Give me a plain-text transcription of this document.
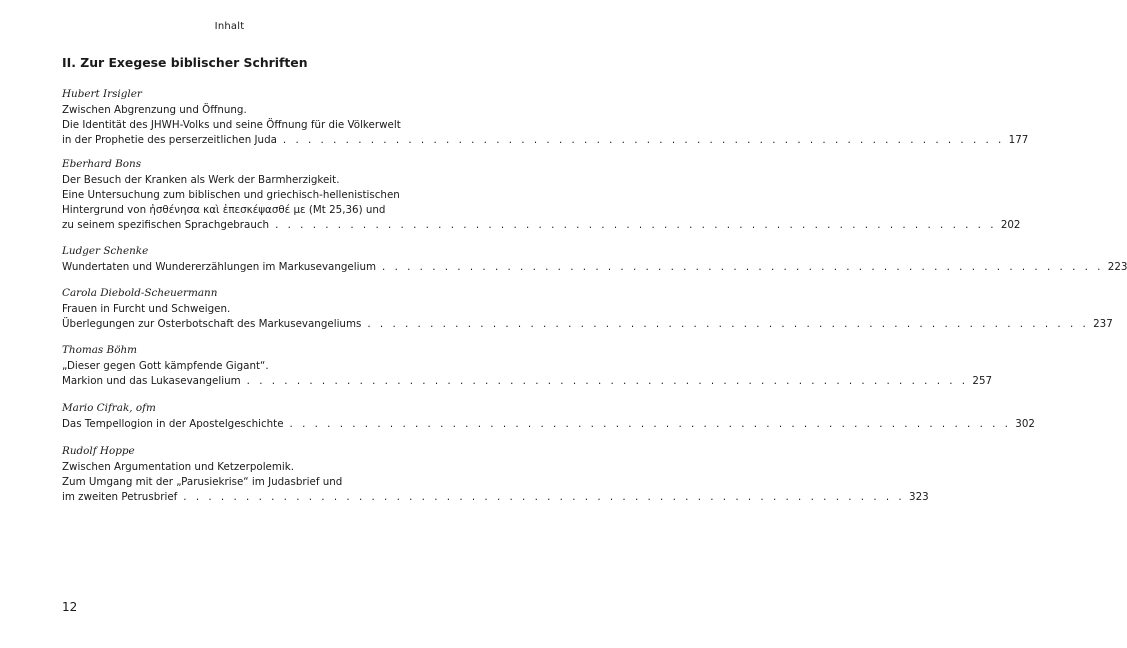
Inhalt
II. Zur Exegese biblischer Schriften
Hubert Irsigler
Zwischen Abgrenzung und Öffnung.
Die Identität des JHWH-Volks und seine Öffnung für die Völkerwelt
in der Prophetie des perserzeitlichen Juda . . . . . . . . . . . . . . . . . . . . . . . . . . . . . . . . . . . . . . . . . . . . . . . . . . . . . . . . . . 177
Eberhard Bons
Der Besuch der Kranken als Werk der Barmherzigkeit.
Eine Untersuchung zum biblischen und griechisch-hellenistischen
Hintergrund von ἠσθένησα καὶ ἐπεσκέψασθέ με (Mt 25,36) und
zu seinem spezifischen Sprachgebrauch . . . . . . . . . . . . . . . . . . . . . . . . . . . . . . . . . . . . . . . . . . . . . . . . . . . . . . . . . . 202
Ludger Schenke
Wundertaten und Wundererzählungen im Markusevangelium . . . . . . . . . . . . . . . . . . . . . . . . . . . . . . . . . . . . . . . . . . . . . . . . . . . . . . . . . . 223
Carola Diebold-Scheuermann
Frauen in Furcht und Schweigen.
Überlegungen zur Osterbotschaft des Markusevangeliums . . . . . . . . . . . . . . . . . . . . . . . . . . . . . . . . . . . . . . . . . . . . . . . . . . . . . . . . . . 237
Thomas Böhm
„Dieser gegen Gott kämpfende Gigant“.
Markion und das Lukasevangelium . . . . . . . . . . . . . . . . . . . . . . . . . . . . . . . . . . . . . . . . . . . . . . . . . . . . . . . . . . 257
Mario Cifrak, ofm
Das Tempellogion in der Apostelgeschichte . . . . . . . . . . . . . . . . . . . . . . . . . . . . . . . . . . . . . . . . . . . . . . . . . . . . . . . . . . 302
Rudolf Hoppe
Zwischen Argumentation und Ketzerpolemik.
Zum Umgang mit der „Parusiekrise“ im Judasbrief und
im zweiten Petrusbrief . . . . . . . . . . . . . . . . . . . . . . . . . . . . . . . . . . . . . . . . . . . . . . . . . . . . . . . . . . 323
12
